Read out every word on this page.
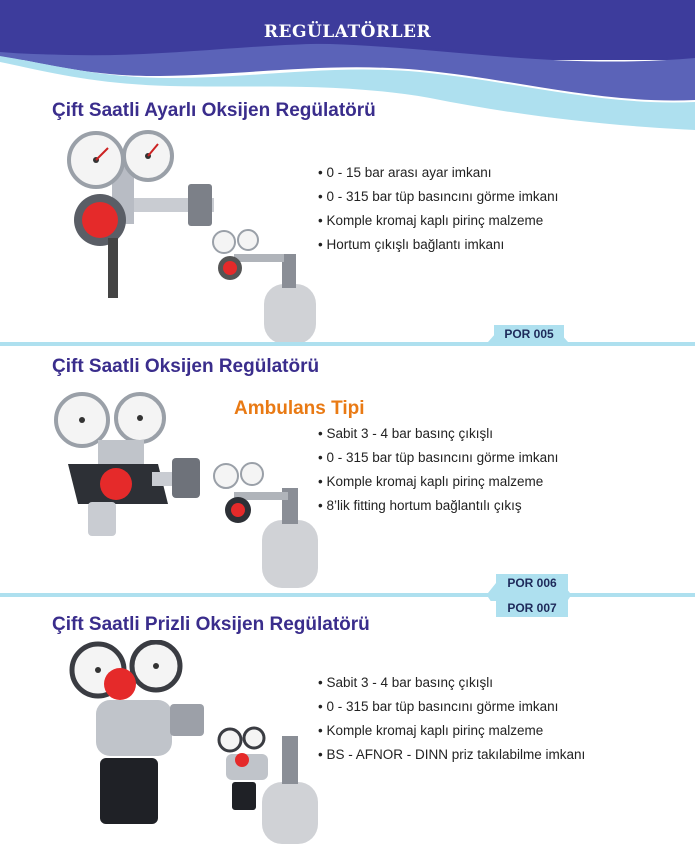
REGÜLATÖRLER
Çift Saatli Ayarlı Oksijen Regülatörü
• 0 - 15 bar arası ayar imkanı
• 0 - 315 bar tüp basıncını görme imkanı
• Komple kromaj kaplı pirinç malzeme
• Hortum çıkışlı bağlantı imkanı
POR 005
Çift Saatli Oksijen Regülatörü
Ambulans Tipi
• Sabit 3 - 4 bar basınç çıkışlı
• 0 - 315 bar tüp basıncını görme imkanı
• Komple kromaj kaplı pirinç malzeme
• 8’lik fitting hortum bağlantılı çıkış
POR 006
POR 007
Çift Saatli Prizli Oksijen Regülatörü
• Sabit 3 - 4 bar basınç çıkışlı
• 0 - 315 bar tüp basıncını görme imkanı
• Komple kromaj kaplı pirinç malzeme
• BS - AFNOR - DINN priz takılabilme imkanı
